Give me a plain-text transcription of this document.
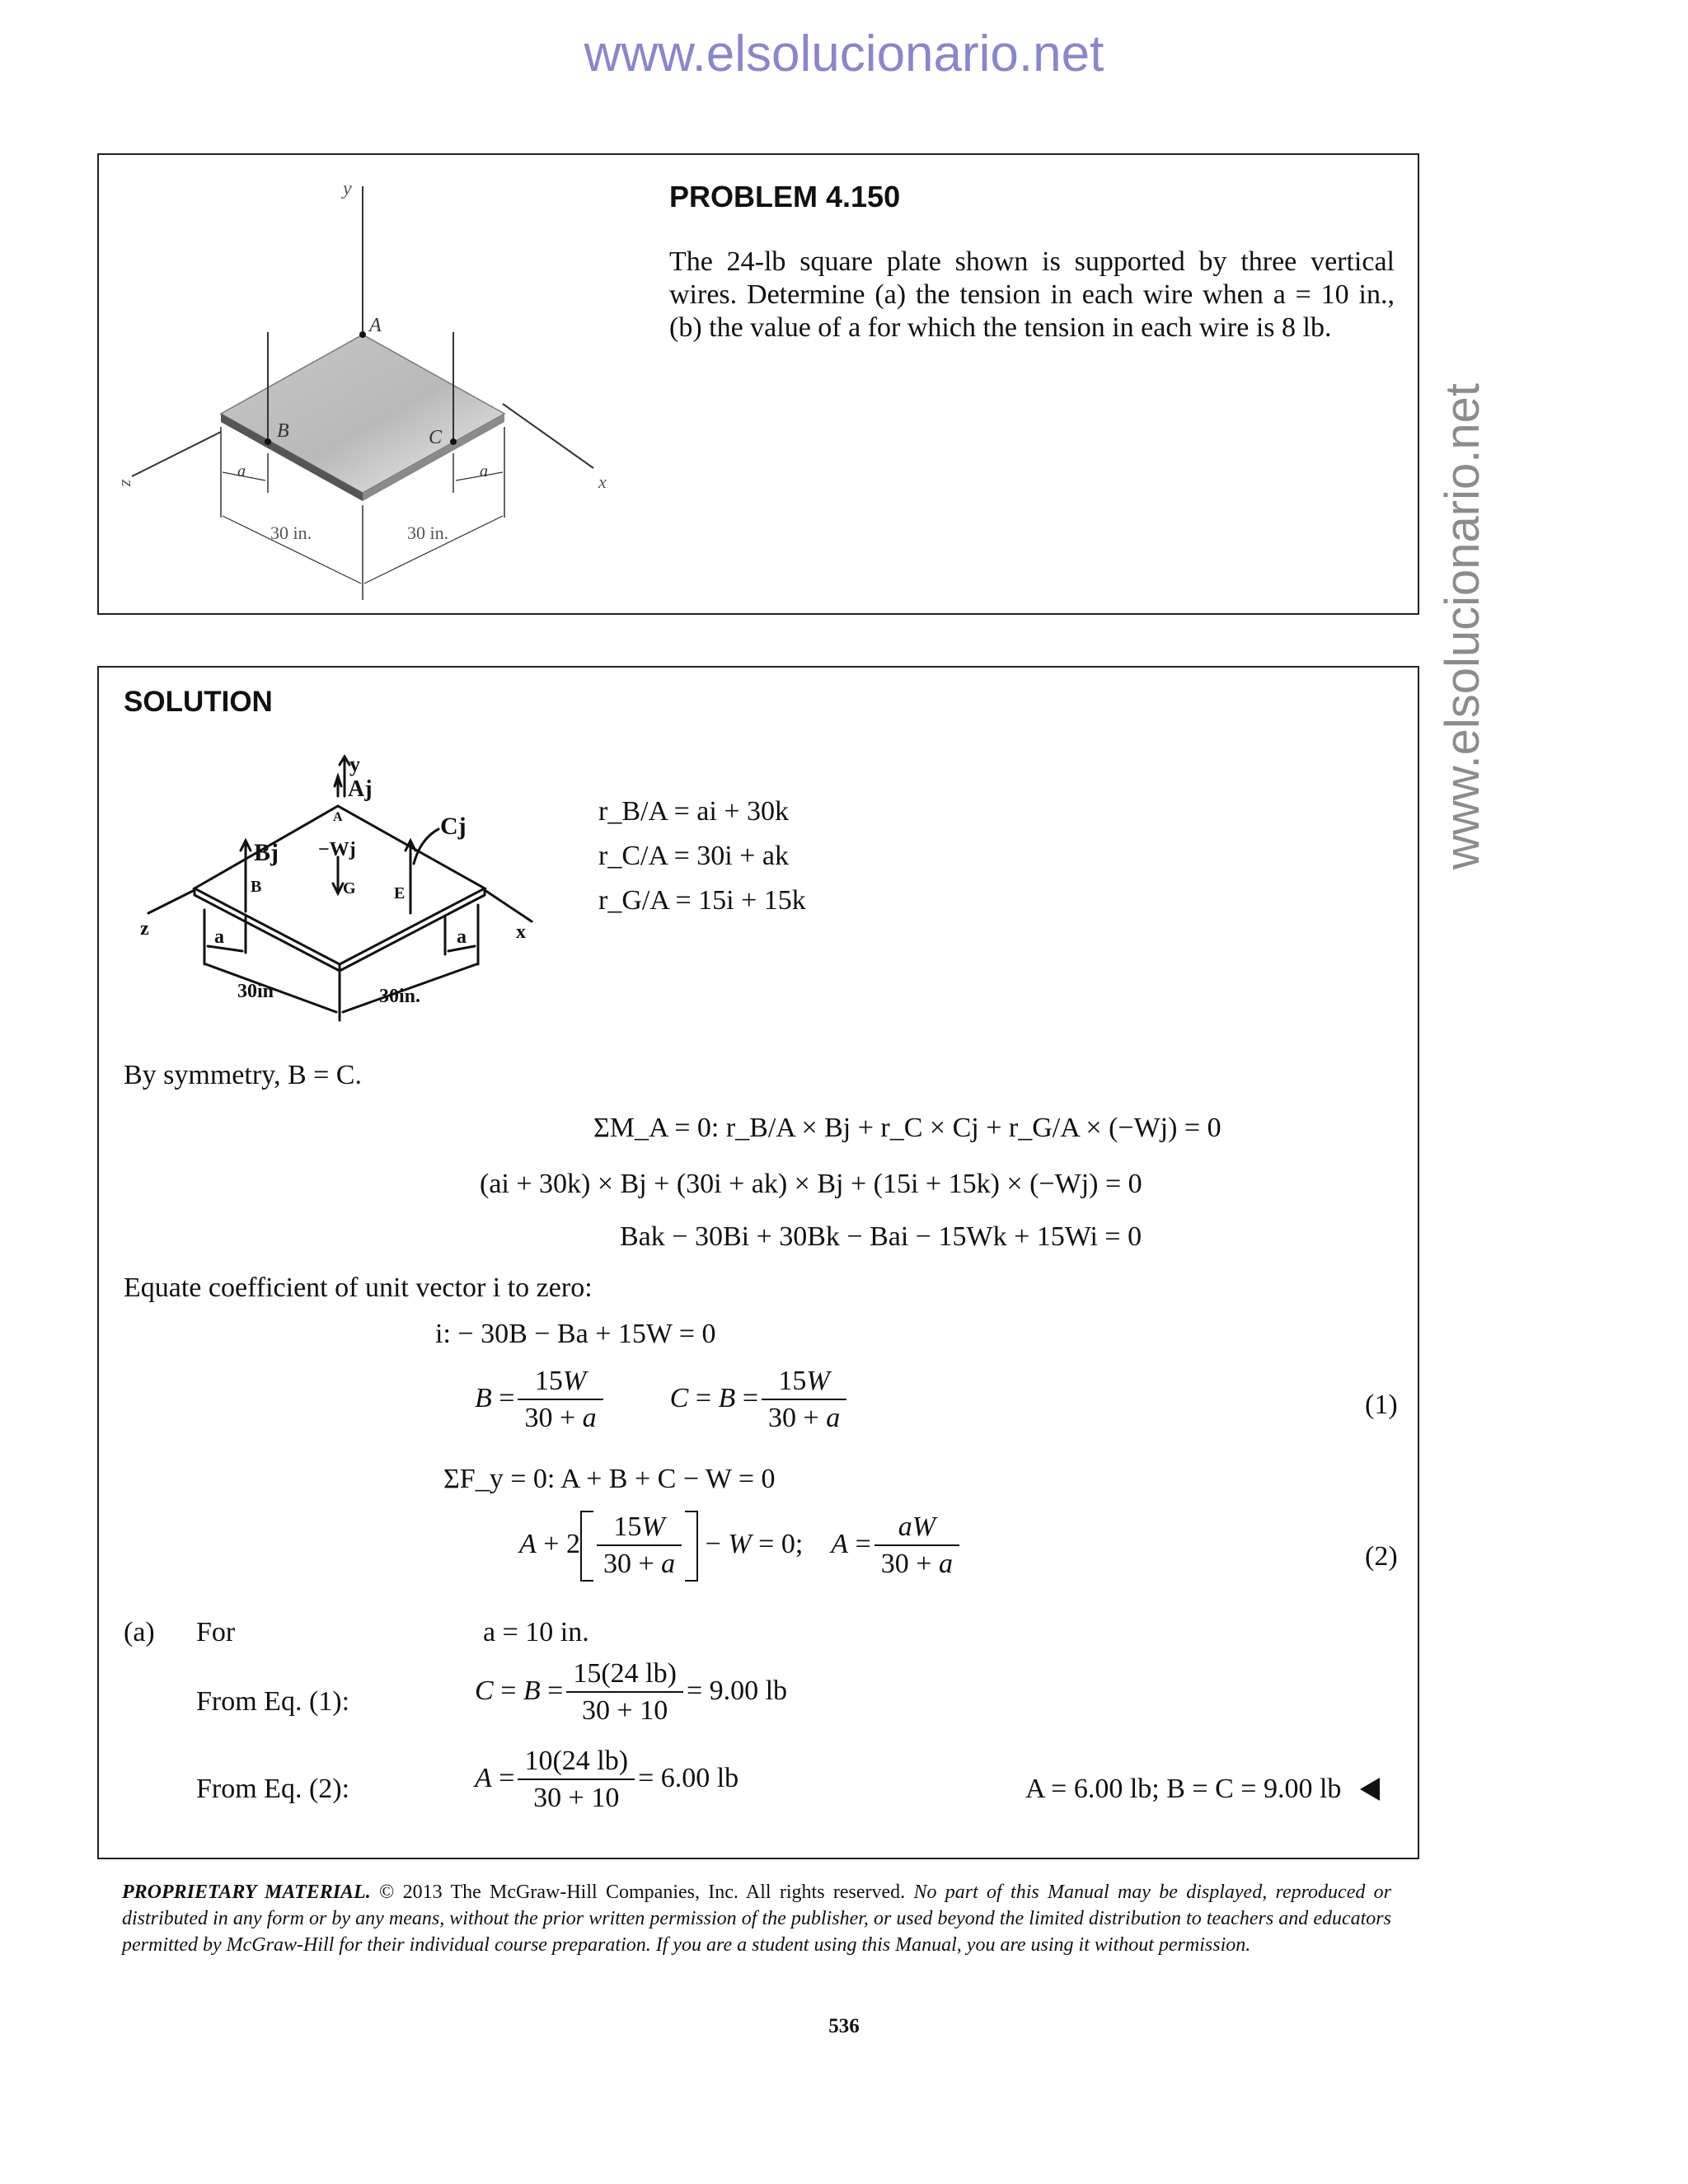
www.elsolucionario.net
www.elsolucionario.net
y
z	x
A
B	C
a	a
30 in.	30 in.
PROBLEM 4.150
The 24-lb square plate shown is supported by three vertical
wires. Determine (a) the tension in each wire when a = 10 in.,
(b) the value of a for which the tension in each wire is 8 lb.
SOLUTION
y
Aj
A
Bj −Wj
Cj
B	G E
a	a
z	x
30in	30in.
r_B/A = ai + 30k
r_C/A = 30i + ak
r_G/A = 15i + 15k
By symmetry, B = C.
ΣM_A = 0: r_B/A × Bj + r_C × Cj + r_G/A × (−Wj) = 0
(ai + 30k) × Bj + (30i + ak) × Bj + (15i + 15k) × (−Wj) = 0
Bak − 30Bi + 30Bk − Bai − 15Wk + 15Wi = 0
Equate coefficient of unit vector i to zero:
i: − 30B − Ba + 15W = 0
$B = \frac{15W}{30 + a}$ $C = B = \frac{15W}{30 + a}$	(1)
ΣF_y = 0: A + B + C − W = 0
$A + 2 \frac{15W}{30 + a} - W = 0$;    $A = \frac{aW}{30 + a}$	(2)
(a) For	a = 10 in.
From Eq. (1):	$C = B = \frac{15(24 lb)}{30 + 10} = 9.00$ lb
From Eq. (2):	$A = \frac{10(24 lb)}{30 + 10} = 6.00$ lb	A = 6.00 lb; B = C = 9.00 lb
PROPRIETARY MATERIAL. © 2013 The McGraw-Hill Companies, Inc. All rights reserved. No part of this Manual may be displayed, reproduced or distributed in any form or by any means, without the prior written permission of the publisher, or used beyond the limited distribution to teachers and educators permitted by McGraw-Hill for their individual course preparation. If you are a student using this Manual, you are using it without permission.
536
